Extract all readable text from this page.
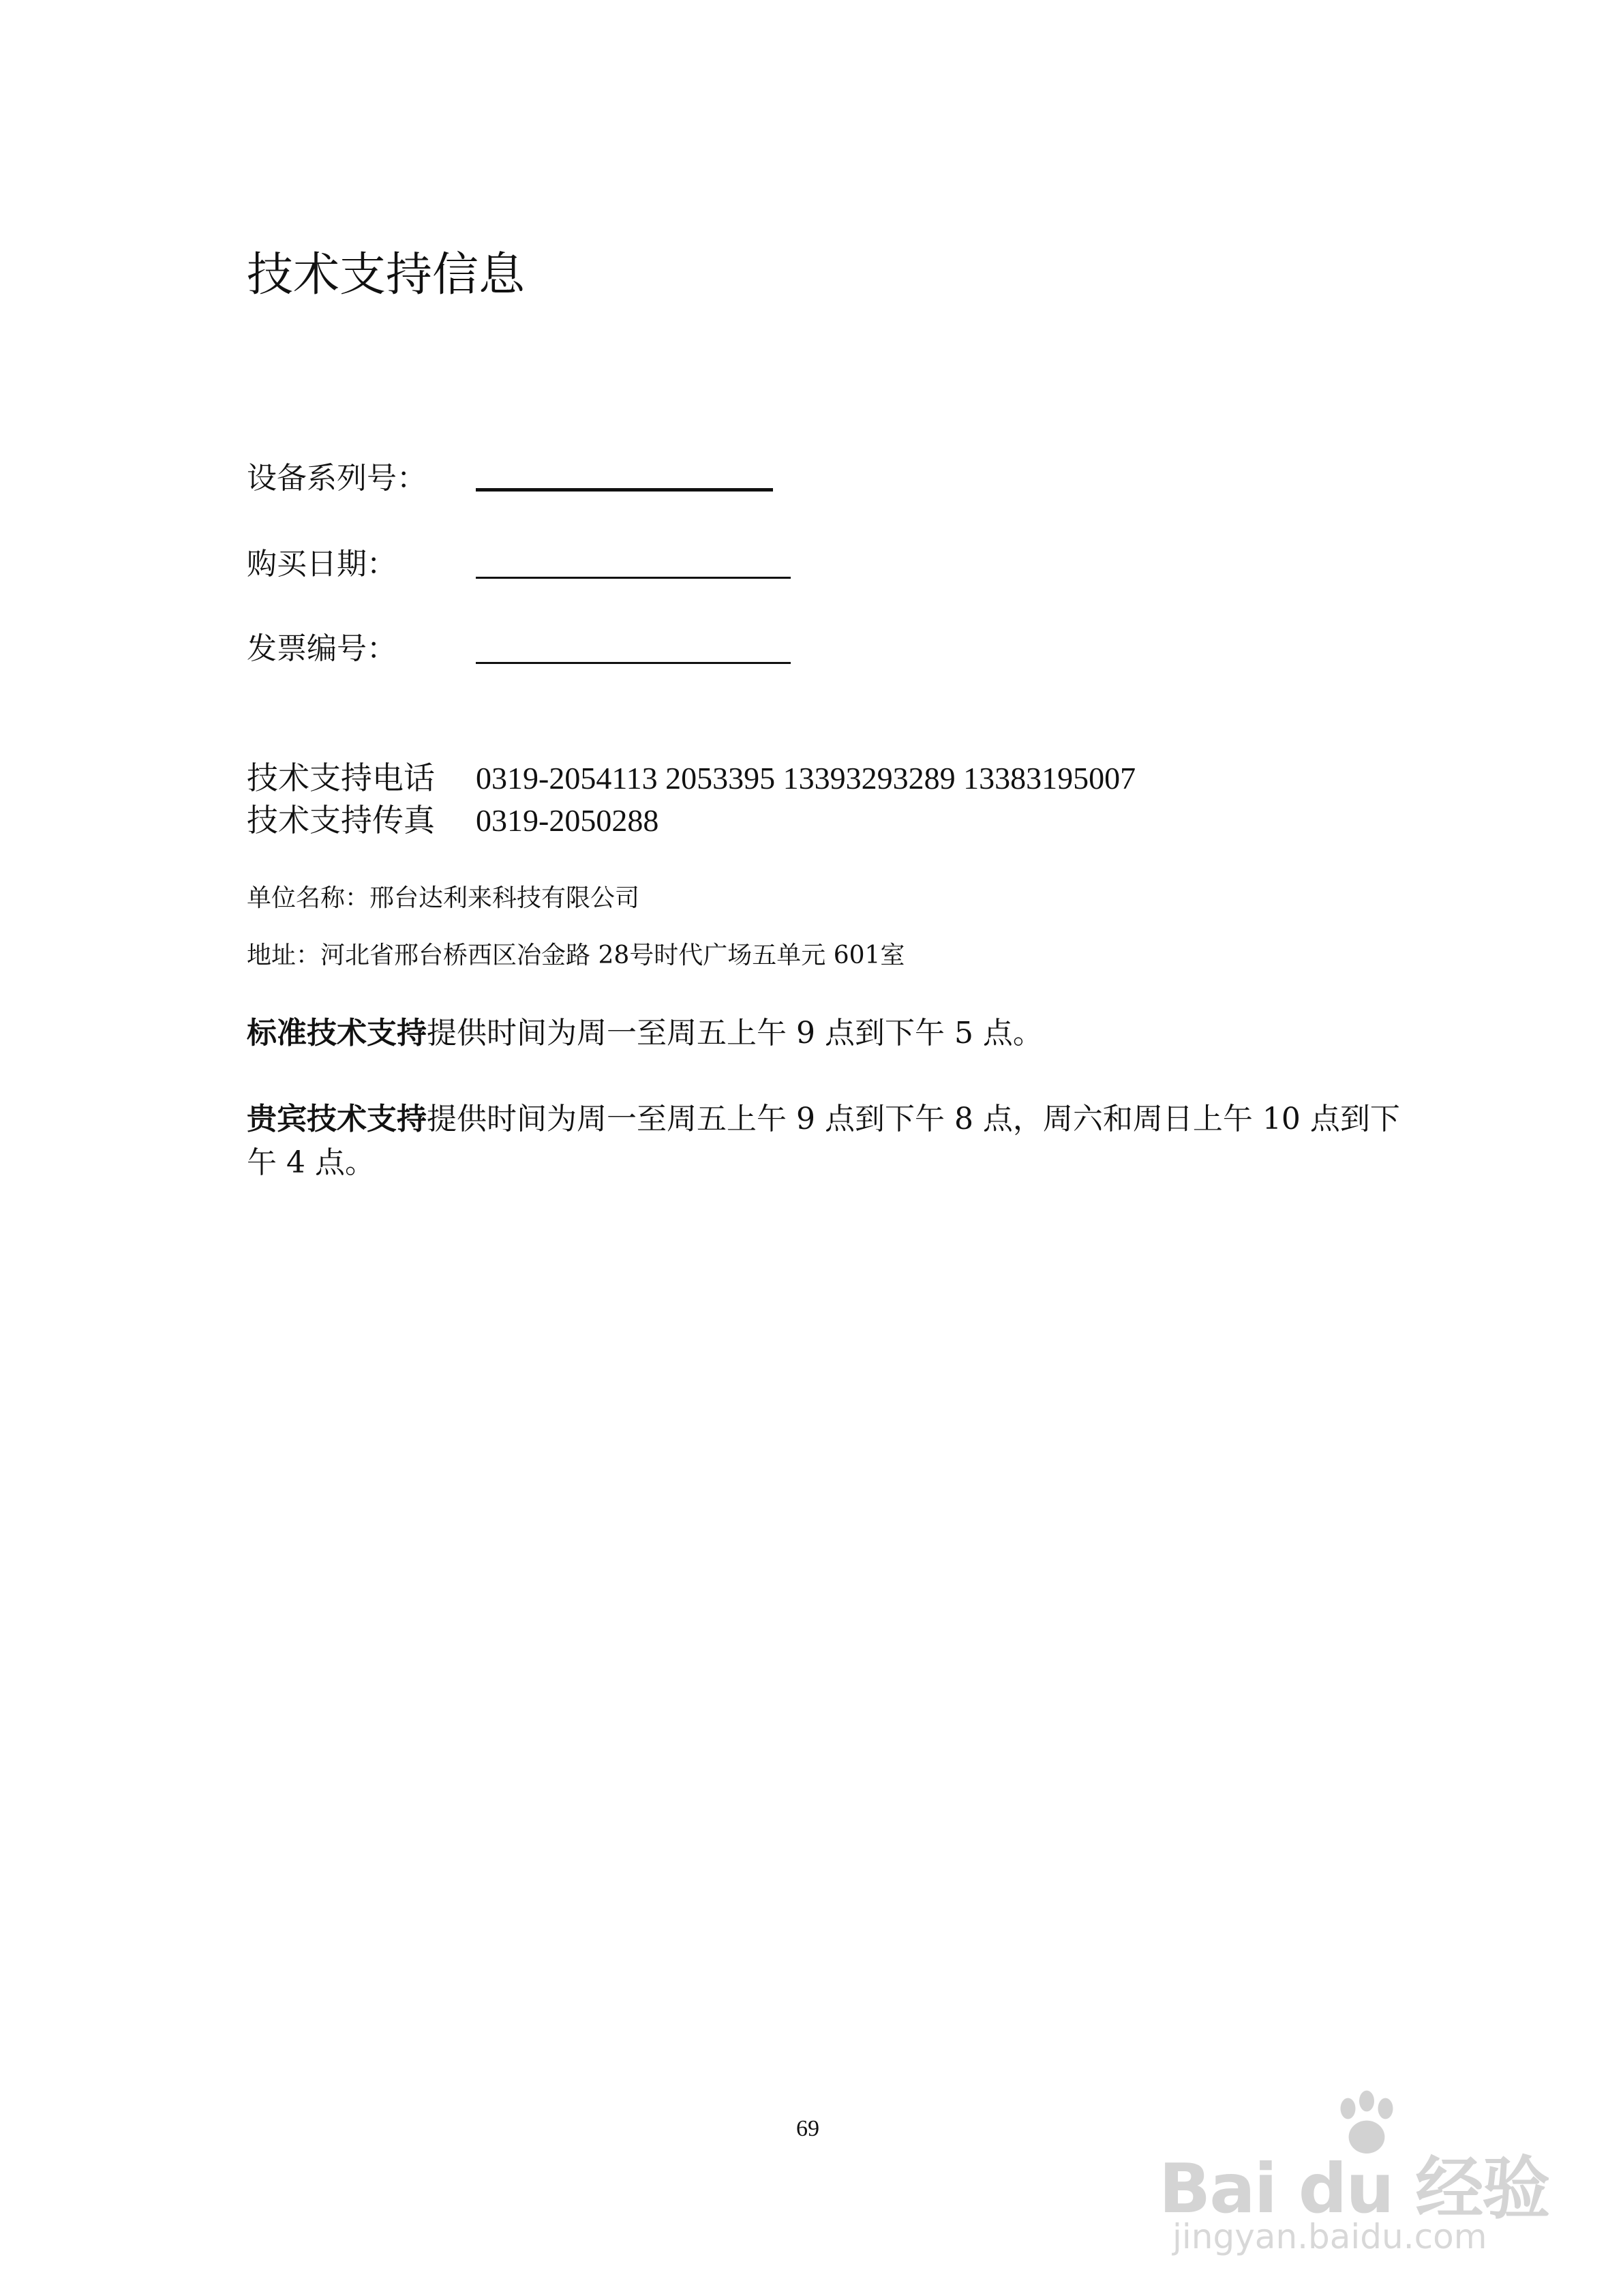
技术支持信息
设备系列号：
购买日期：
发票编号：
技术支持电话 0319-2054113 2053395 13393293289 13383195007
技术支持传真 0319-2050288
单位名称：邢台达利来科技有限公司
地址：河北省邢台桥西区冶金路 28号时代广场五单元 601室
标准技术支持提供时间为周一至周五上午 9 点到下午 5 点。
贵宾技术支持提供时间为周一至周五上午 9 点到下午 8 点，周六和周日上午 10 点到下午 4 点。
69
Bai du 经验
jingyan.baidu.com
